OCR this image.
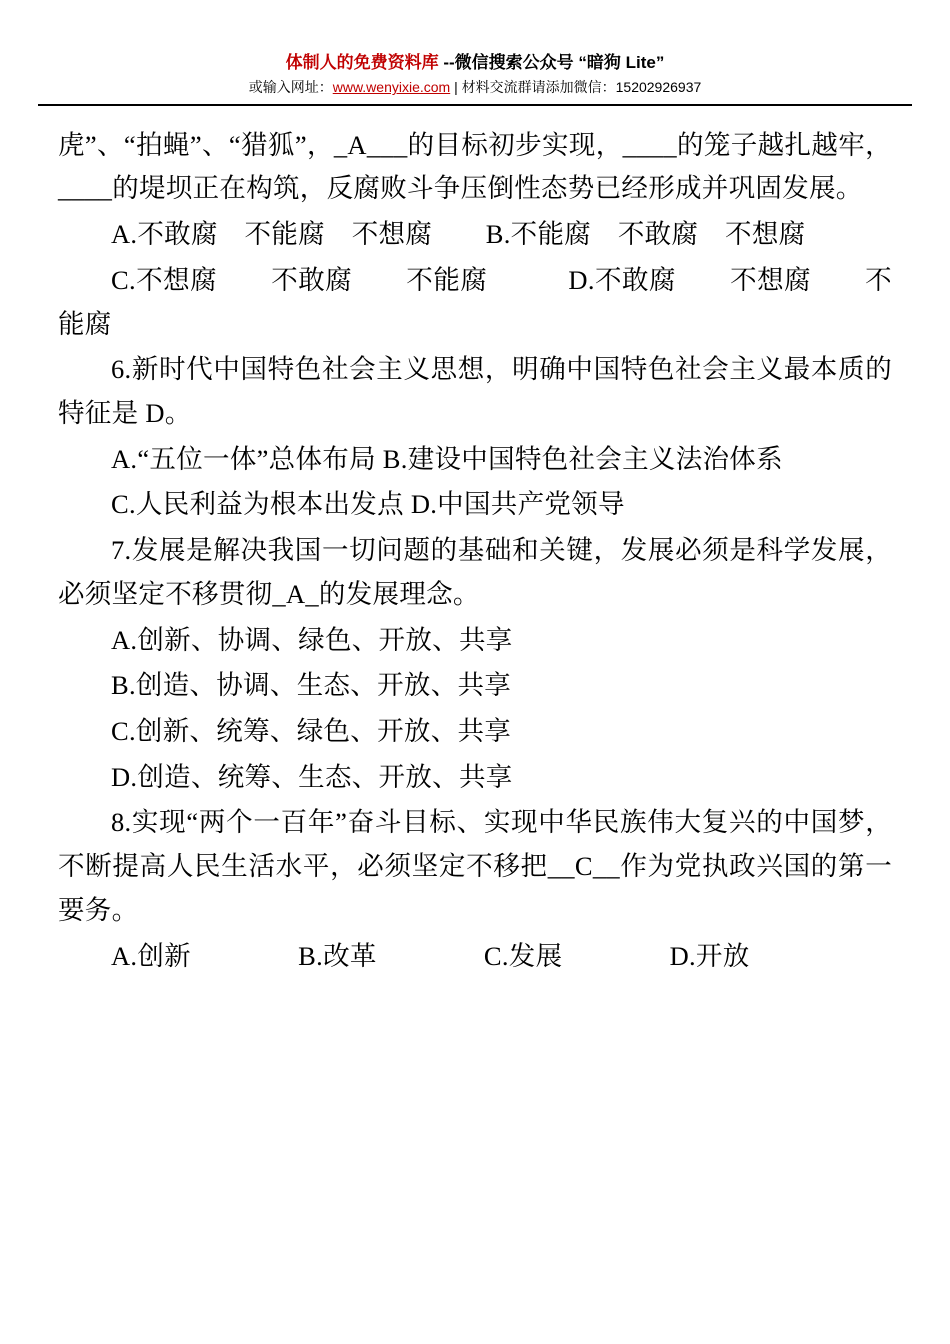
体制人的免费资料库 --微信搜索公众号 “暗狗 Lite”
或输入网址：www.wenyixie.com | 材料交流群请添加微信：15202926937

虎”、“拍蝇”、“猎狐”，_A___的目标初步实现，____的笼子越扎越牢，____的堤坝正在构筑，反腐败斗争压倒性态势已经形成并巩固发展。

A.不敢腐　不能腐　不想腐　　B.不能腐　不敢腐　不想腐

C.不想腐　　不敢腐　　不能腐　　　D.不敢腐　　不想腐　　不能腐

6.新时代中国特色社会主义思想，明确中国特色社会主义最本质的特征是 D。

A.“五位一体”总体布局 B.建设中国特色社会主义法治体系

C.人民利益为根本出发点 D.中国共产党领导

7.发展是解决我国一切问题的基础和关键，发展必须是科学发展，必须坚定不移贯彻_A_的发展理念。

A.创新、协调、绿色、开放、共享

B.创造、协调、生态、开放、共享

C.创新、统筹、绿色、开放、共享

D.创造、统筹、生态、开放、共享

8.实现“两个一百年”奋斗目标、实现中华民族伟大复兴的中国梦，不断提高人民生活水平，必须坚定不移把__C__作为党执政兴国的第一要务。

A.创新　　　　B.改革　　　　C.发展　　　　D.开放
